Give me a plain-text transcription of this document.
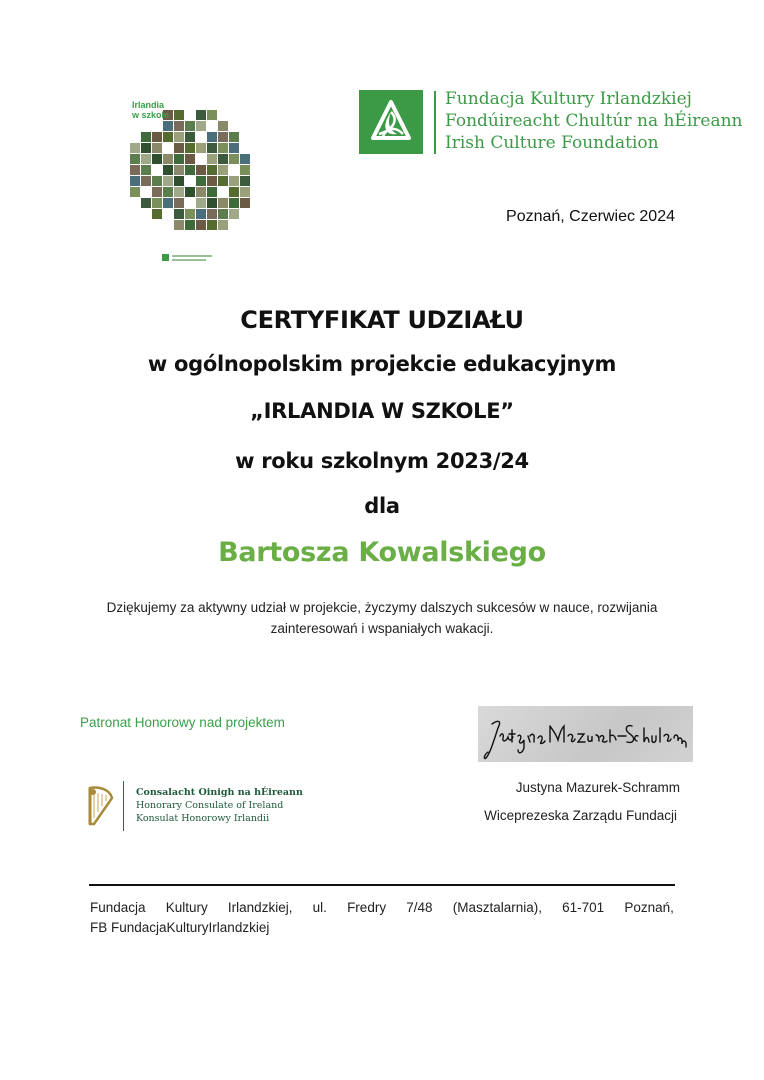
Irlandia
w szkole
Fundacja Kultury Irlandzkiej
Fondúireacht Chultúr na hÉireann
Irish Culture Foundation
Poznań, Czerwiec 2024
CERTYFIKAT UDZIAŁU
w ogólnopolskim projekcie edukacyjnym
„IRLANDIA W SZKOLE”
w roku szkolnym 2023/24
dla
Bartosza Kowalskiego
Dziękujemy za aktywny udział w projekcie, życzymy dalszych sukcesów w nauce, rozwijania zainteresowań i wspaniałych wakacji.
Patronat Honorowy nad projektem
Consalacht Oinigh na hÉireann
Honorary Consulate of Ireland
Konsulat Honorowy Irlandii
Justyna Mazurek-Schramm
Justyna Mazurek-Schramm
Wiceprezeska Zarządu Fundacji
Fundacja Kultury Irlandzkiej, ul. Fredry 7/48 (Masztalarnia), 61-701 Poznań,
FB FundacjaKulturyIrlandzkiej
